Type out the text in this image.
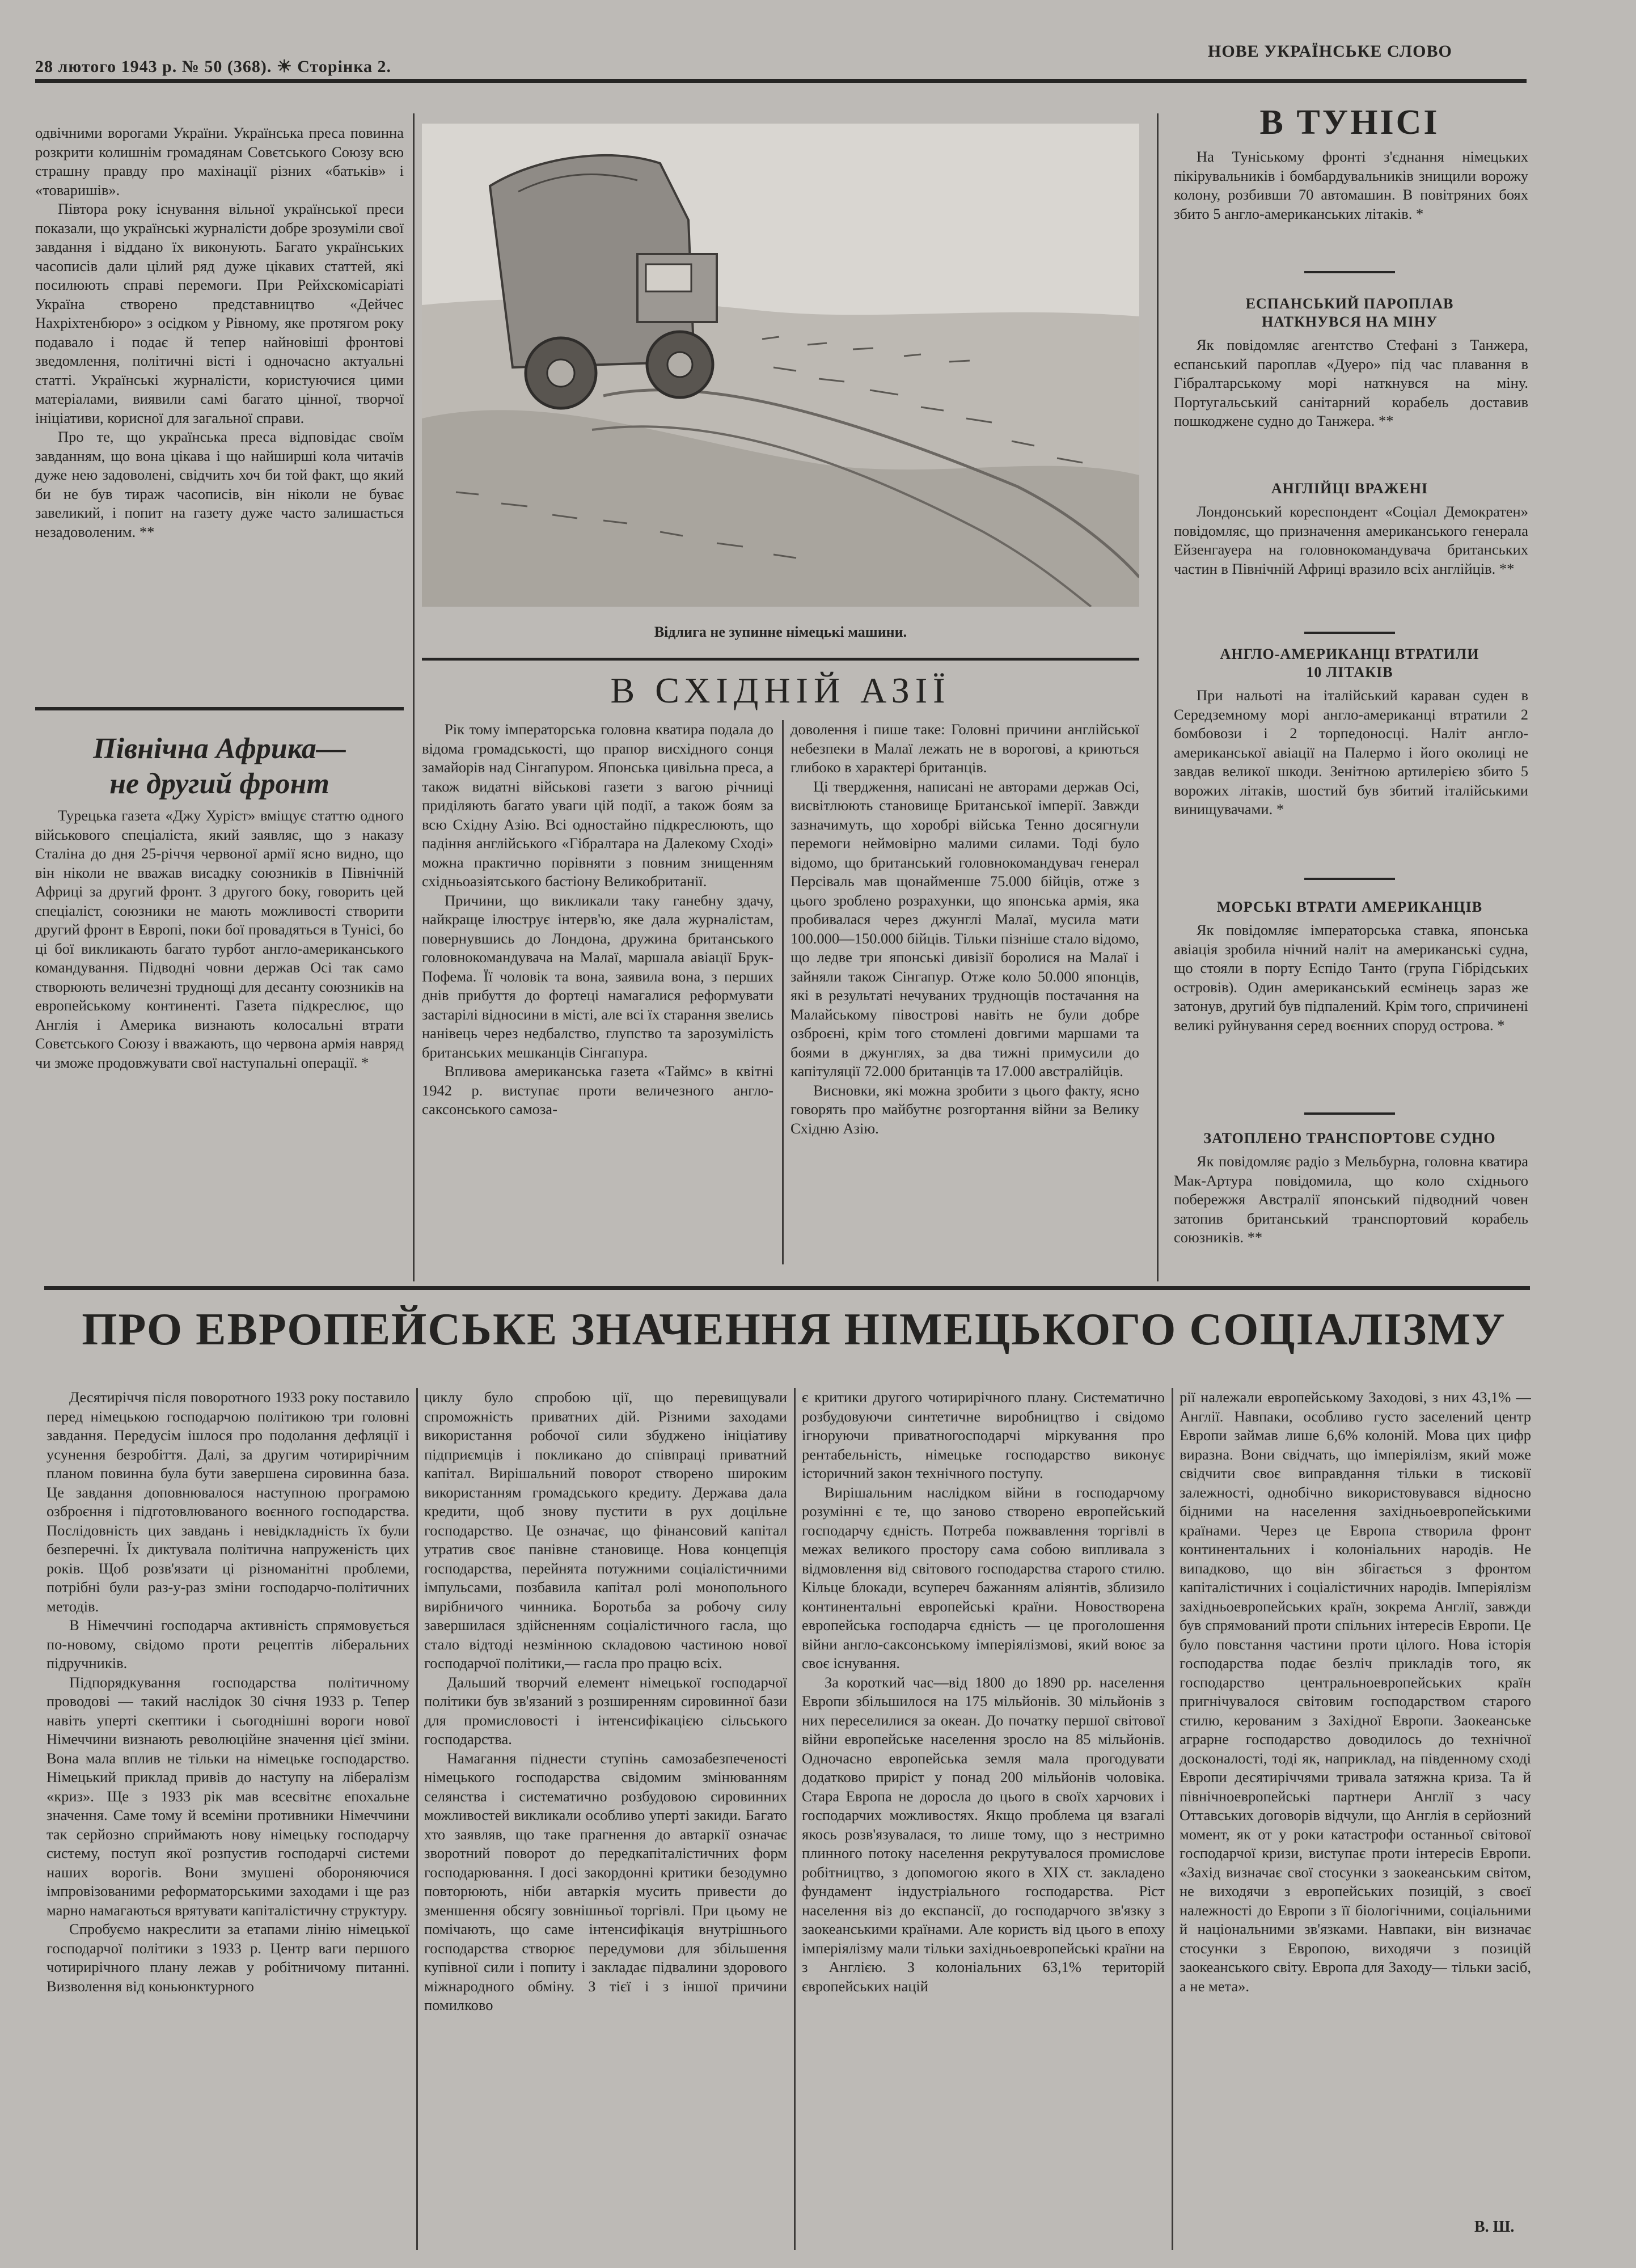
28 лютого 1943 р. № 50 (368). ☀ Сторінка 2.
НОВЕ УКРАЇНСЬКЕ СЛОВО

одвічними ворогами України. Українська преса повинна розкрити колишнім громадянам Совєтського Союзу всю страшну правду про махінації різних «батьків» і «товаришів».

Півтора року існування вільної української преси показали, що українські журналісти добре зрозуміли свої завдання і віддано їх виконують. Багато українських часописів дали цілий ряд дуже цікавих статтей, які посилюють справі перемоги. При Рейхскомісаріаті Україна створено представництво «Дейчес Нахріхтенбюро» з осідком у Рівному, яке протягом року подавало і подає й тепер найновіші фронтові зведомлення, політичні вісті і одночасно актуальні статті. Українські журналісти, користуючися цими матеріалами, виявили самі багато цінної, творчої ініціативи, корисної для загальної справи.

Про те, що українська преса відповідає своїм завданням, що вона цікава і що найширші кола читачів дуже нею задоволені, свідчить хоч би той факт, що який би не був тираж часописів, він ніколи не буває завеликий, і попит на газету дуже часто залишається незадоволеним. **

Північна Африка—
не другий фронт

Турецька газета «Джу Хуріст» вміщує статтю одного військового спеціаліста, який заявляє, що з наказу Сталіна до дня 25-річчя червоної армії ясно видно, що він ніколи не вважав висадку союзників в Північній Африці за другий фронт. З другого боку, говорить цей спеціаліст, союзники не мають можливості створити другий фронт в Европі, поки бої провадяться в Тунісі, бо ці бої викликають багато турбот англо-американського командування. Підводні човни держав Осі так само створюють величезні труднощі для десанту союзників на европейському континенті. Газета підкреслює, що Англія і Америка визнають колосальні втрати Совєтського Союзу і вважають, що червона армія навряд чи зможе продовжувати свої наступальні операції. *

Відлига не зупинне німецькі машини.
В СХІДНІЙ АЗІЇ

Рік тому імператорська головна кватира подала до відома громадськості, що прапор висхідного сонця замайорів над Сінгапуром. Японська цивільна преса, а також видатні військові газети з вагою річниці приділяють багато уваги цій події, а також боям за всю Східну Азію. Всі одностайно підкреслюють, що падіння англійського «Гібралтара на Далекому Сході» можна практично порівняти з повним знищенням східньоазіятського бастіону Великобританії.

Причини, що викликали таку ганебну здачу, найкраще ілюструє інтерв'ю, яке дала журналістам, повернувшись до Лондона, дружина британського головнокомандувача на Малаї, маршала авіації Брук-Пофема. Її чоловік та вона, заявила вона, з перших днів прибуття до фортеці намагалися реформувати застарілі відносини в місті, але всі їх старання звелись нанівець через недбалство, глупство та зарозумілість британських мешканців Сінгапура.

Впливова американська газета «Таймс» в квітні 1942 р. виступає проти величезного англо-саксонського самоза-

доволення і пише таке: Головні причини англійської небезпеки в Малаї лежать не в ворогові, а криються глибоко в характері британців.

Ці твердження, написані не авторами держав Осі, висвітлюють становище Британської імперії. Завжди зазначимуть, що хоробрі війська Тенно досягнули перемоги неймовірно малими силами. Тоді було відомо, що британський головнокомандувач генерал Персіваль мав щонайменше 75.000 бійців, отже з цього зроблено розрахунки, що японська армія, яка пробивалася через джунглі Малаї, мусила мати 100.000—150.000 бійців. Тільки пізніше стало відомо, що ледве три японські дивізії боролися на Малаї і зайняли також Сінгапур. Отже коло 50.000 японців, які в результаті нечуваних труднощів постачання на Малайському півострові навіть не були добре озброєні, крім того стомлені довгими маршами та боями в джунглях, за два тижні примусили до капітуляції 72.000 британців та 17.000 австралійців.

Висновки, які можна зробити з цього факту, ясно говорять про майбутнє розгортання війни за Велику Східню Азію.

В ТУНІСІ

На Туніському фронті з'єднання німецьких пікірувальників і бомбардувальників знищили ворожу колону, розбивши 70 автомашин. В повітряних боях збито 5 англо-американських літаків. *

ЕСПАНСЬКИЙ ПАРОПЛАВ
НАТКНУВСЯ НА МІНУ

Як повідомляє агентство Стефані з Танжера, еспанський пароплав «Дуеро» під час плавання в Гібралтарському морі наткнувся на міну. Португальський санітарний корабель доставив пошкоджене судно до Танжера. **

АНГЛІЙЦІ ВРАЖЕНІ

Лондонський кореспондент «Соціал Демократен» повідомляє, що призначення американського генерала Ейзенгауера на головнокомандувача британських частин в Північній Африці вразило всіх англійців. **

АНГЛО-АМЕРИКАНЦІ ВТРАТИЛИ
10 ЛІТАКІВ

При нальоті на італійський караван суден в Середземному морі англо-американці втратили 2 бомбовози і 2 торпедоносці. Наліт англо-американської авіації на Палермо і його околиці не завдав великої шкоди. Зенітною артилерією збито 5 ворожих літаків, шостий був збитий італійськими винищувачами. *

МОРСЬКІ ВТРАТИ АМЕРИКАНЦІВ

Як повідомляє імператорська ставка, японська авіація зробила нічний наліт на американські судна, що стояли в порту Еспідо Танто (група Гібрідських островів). Один американський есмінець зараз же затонув, другий був підпалений. Крім того, спричинені великі руйнування серед воєнних споруд острова. *

ЗАТОПЛЕНО ТРАНСПОРТОВЕ СУДНО

Як повідомляє радіо з Мельбурна, головна кватира Мак-Артура повідомила, що коло східнього побережжя Австралії японський підводний човен затопив британський транспортовий корабель союзників. **

ПРО ЕВРОПЕЙСЬКЕ ЗНАЧЕННЯ НІМЕЦЬКОГО СОЦІАЛІЗМУ

Десятиріччя після поворотного 1933 року поставило перед німецькою господарчою політикою три головні завдання. Передусім ішлося про подолання дефляції і усунення безробіття. Далі, за другим чотирирічним планом повинна була бути завершена сировинна база. Це завдання доповнювалося наступною програмою озброєння і підготовлюваного воєнного господарства. Послідовність цих завдань і невідкладність їх були безперечні. Їх диктувала політична напруженість цих років. Щоб розв'язати ці різноманітні проблеми, потрібні були раз-у-раз зміни господарчо-політичних методів.

В Німеччині господарча активність спрямовується по-новому, свідомо проти рецептів ліберальних підручників.

Підпорядкування господарства політичному проводові — такий наслідок 30 січня 1933 р. Тепер навіть уперті скептики і сьогоднішні вороги нової Німеччини визнають революційне значення цієї зміни. Вона мала вплив не тільки на німецьке господарство. Німецький приклад привів до наступу на лібералізм «криз». Ще з 1933 рік мав всесвітнє епохальне значення. Саме тому й всеміни противники Німеччини так серйозно сприймають нову німецьку господарчу систему, поступ якої розпустив господарчі системи наших ворогів. Вони змушені обороняючися імпровізованими реформаторськими заходами і ще раз марно намагаються врятувати капіталістичну структуру.

Спробуємо накреслити за етапами лінію німецької господарчої політики з 1933 р. Центр ваги першого чотирирічного плану лежав у робітничому питанні. Визволення від коньюнктурного

циклу було спробою ції, що перевищували спроможність приватних дій. Різними заходами використання робочої сили збуджено ініціативу підприємців і покликано до співпраці приватний капітал. Вирішальний поворот створено широким використанням громадського кредиту. Держава дала кредити, щоб знову пустити в рух доцільне господарство. Це означає, що фінансовий капітал утратив своє панівне становище. Нова концепція господарства, перейнята потужними соціалістичними імпульсами, позбавила капітал ролі монопольного вирібничого чинника. Боротьба за робочу силу завершилася здійсненням соціалістичного гасла, що стало відтоді незмінною складовою частиною нової господарчої політики,— гасла про працю всіх.

Дальший творчий елемент німецької господарчої політики був зв'язаний з розширенням сировинної бази для промисловості і інтенсифікацією сільського господарства.

Намагання піднести ступінь самозабезпеченості німецького господарства свідомим змінюванням селянства і систематично розбудовою сировинних можливостей викликали особливо уперті закиди. Багато хто заявляв, що таке прагнення до автаркії означає зворотний поворот до передкапіталістичних форм господарювання. І досі закордонні критики безодумно повторюють, ніби автаркія мусить привести до зменшення обсягу зовнішньої торгівлі. При цьому не помічають, що саме інтенсифікація внутрішнього господарства створює передумови для збільшення купівної сили і попиту і закладає підвалини здорового міжнародного обміну. З тієї і з іншої причини помилково

є критики другого чотирирічного плану. Систематично розбудовуючи синтетичне виробництво і свідомо ігноруючи приватногосподарчі міркування про рентабельність, німецьке господарство виконує історичний закон технічного поступу.

Вирішальним наслідком війни в господарчому розумінні є те, що заново створено европейський господарчу єдність. Потреба пожвавлення торгівлі в межах великого простору сама собою випливала з відмовлення від світового господарства старого стилю. Кільце блокади, всупереч бажанням аліянтів, зблизило континентальні европейські країни. Новостворена европейська господарча єдність — це проголошення війни англо-саксонському імперіялізмові, який воює за своє існування.

За короткий час—від 1800 до 1890 рр. населення Европи збільшилося на 175 мільйонів. 30 мільйонів з них переселилися за океан. До початку першої світової війни европейське населення зросло на 85 мільйонів. Одночасно европейська земля мала прогодувати додатково приріст у понад 200 мільйонів чоловіка. Стара Европа не доросла до цього в своїх харчових і господарчих можливостях. Якщо проблема ця взагалі якось розв'язувалася, то лише тому, що з нестримно плинного потоку населення рекрутувалося промислове робітництво, з допомогою якого в XIX ст. закладено фундамент індустріального господарства. Ріст населення віз до експансії, до господарчого зв'язку з заокеанськими країнами. Але користь від цього в епоху імперіялізму мали тільки західньоевропейські країни на з Англією. З колоніальних 63,1% територій європейських націй

рії належали европейському Заходові, з них 43,1% — Англії. Навпаки, особливо густо заселений центр Европи займав лише 6,6% колоній. Мова цих цифр виразна. Вони свідчать, що імперіялізм, який може свідчити своє виправдання тільки в тисковії залежності, однобічно використовувався відносно бідними на населення західньоевропейськими країнами. Через це Европа створила фронт континентальних і колоніальних народів. Не випадково, що він збігається з фронтом капіталістичних і соціалістичних народів. Імперіялізм західньоевропейських країн, зокрема Англії, завжди був спрямований проти спільних інтересів Европи. Це було повстання частини проти цілого. Нова історія господарства подає безліч прикладів того, як господарство центральноевропейських країн пригнічувалося світовим господарством старого стилю, керованим з Західної Европи. Заокеанське аграрне господарство доводилось до технічної досконалості, тоді як, наприклад, на південному сході Европи десятиріччями тривала затяжна криза. Та й північноевропейські партнери Англії з часу Оттавських договорів відчули, що Англія в серйозний момент, як от у роки катастрофи останньої світової господарчої кризи, виступає проти інтересів Европи. «Захід визначає свої стосунки з заокеанським світом, не виходячи з европейських позицій, з своєї належності до Европи з її біологічними, соціальними й національними зв'язками. Навпаки, він визначає стосунки з Европою, виходячи з позицій заокеанського світу. Европа для Заходу— тільки засіб, а не мета».

В. Ш.
